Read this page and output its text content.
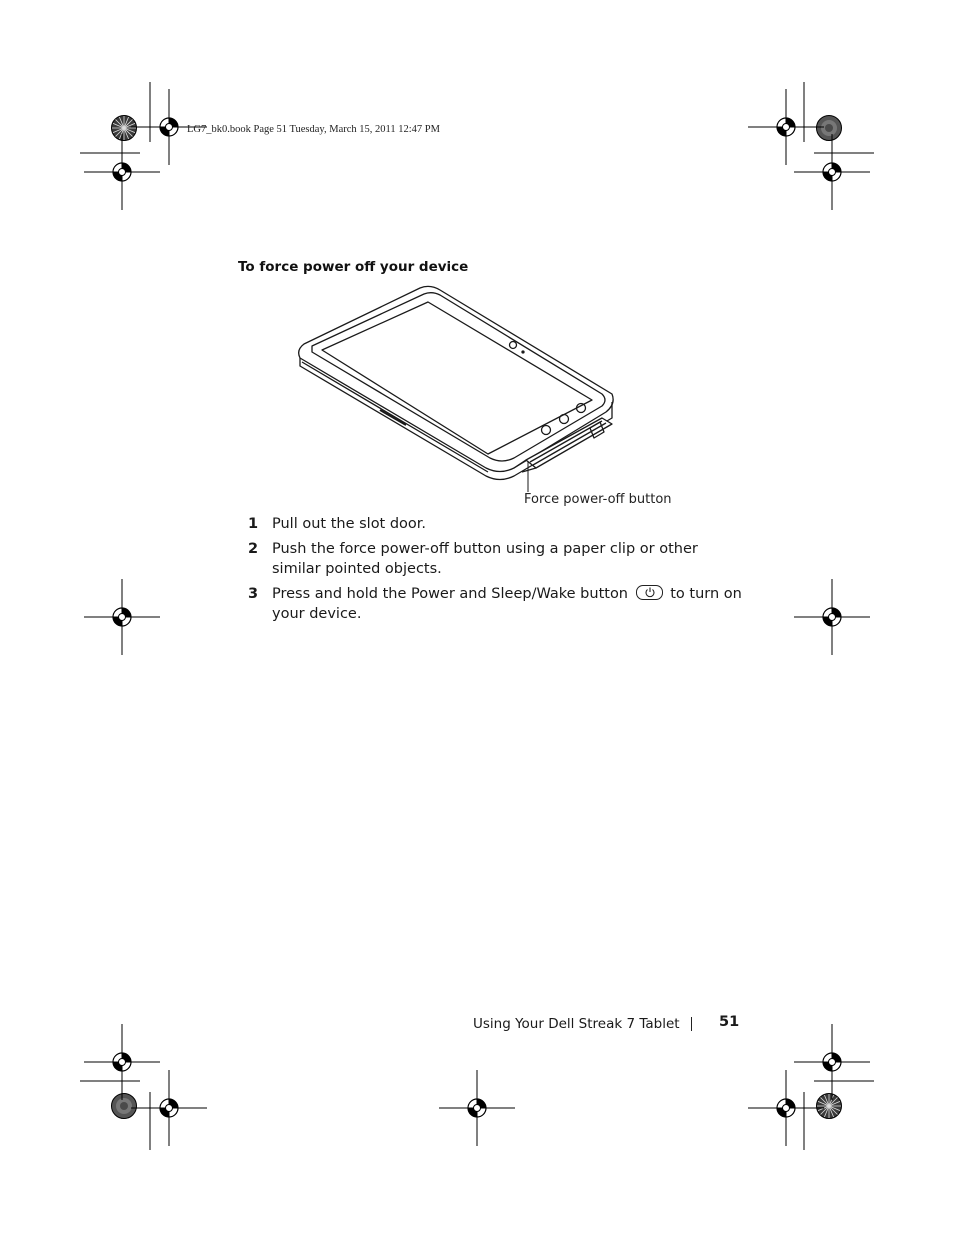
LG7_bk0.book Page 51 Tuesday, March 15, 2011 12:47 PM
To force power off your device
Force power-off button
1 Pull out the slot door.
2 Push the force power-off button using a paper clip or other similar pointed objects.
3 Press and hold the Power and Sleep/Wake button	to turn on your device.
Using Your Dell Streak 7 Tablet	51
